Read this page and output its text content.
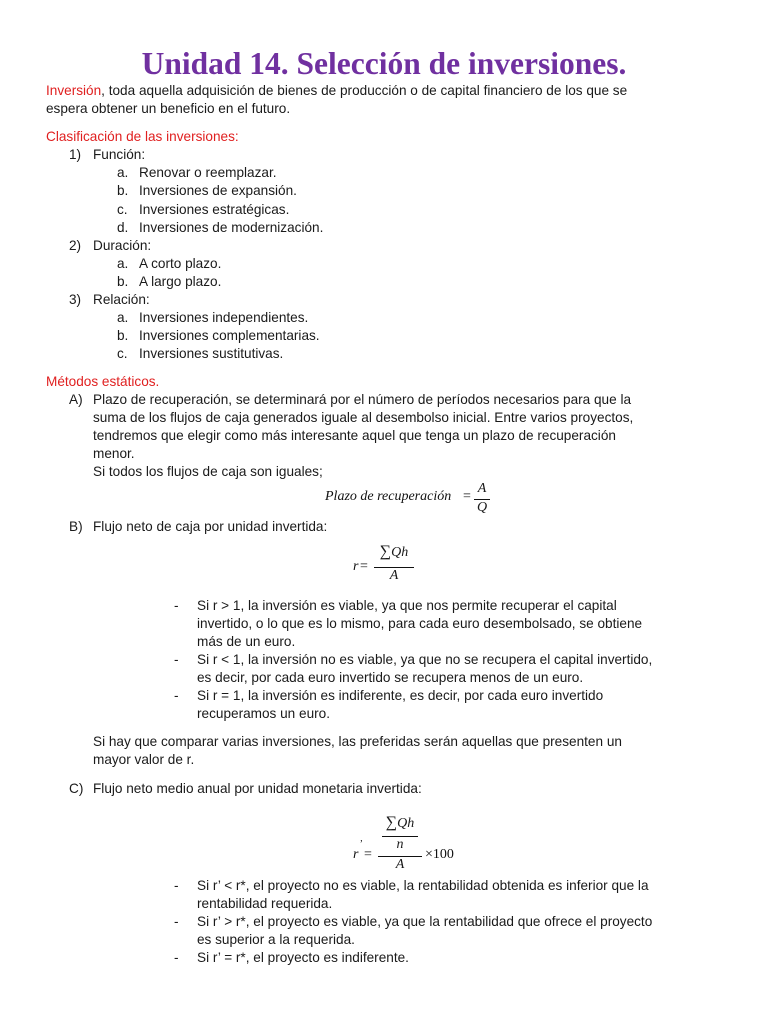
Unidad 14. Selección de inversiones.
Inversión, toda aquella adquisición de bienes de producción o de capital financiero de los que se
espera obtener un beneficio en el futuro.
Clasificación de las inversiones:
1) Función:
a. Renovar o reemplazar.
b. Inversiones de expansión.
c. Inversiones estratégicas.
d. Inversiones de modernización.
2) Duración:
a. A corto plazo.
b. A largo plazo.
3) Relación:
a. Inversiones independientes.
b. Inversiones complementarias.
c. Inversiones sustitutivas.
Métodos estáticos.
A) Plazo de recuperación, se determinará por el número de períodos necesarios para que la
suma de los flujos de caja generados iguale al desembolso inicial. Entre varios proyectos,
tendremos que elegir como más interesante aquel que tenga un plazo de recuperación
menor.
Si todos los flujos de caja son iguales;
Plazo de recuperación =
A
Q
B) Flujo neto de caja por unidad invertida:
r =
∑Qh
A
- Si r > 1, la inversión es viable, ya que nos permite recuperar el capital
invertido, o lo que es lo mismo, para cada euro desembolsado, se obtiene
más de un euro.
- Si r < 1, la inversión no es viable, ya que no se recupera el capital invertido,
es decir, por cada euro invertido se recupera menos de un euro.
- Si r = 1, la inversión es indiferente, es decir, por cada euro invertido
recuperamos un euro.
Si hay que comparar varias inversiones, las preferidas serán aquellas que presenten un
mayor valor de r.
C) Flujo neto medio anual por unidad monetaria invertida:
r
’
=
∑Qh
n
A
×100
- Si r’ < r*, el proyecto no es viable, la rentabilidad obtenida es inferior que la
rentabilidad requerida.
- Si r’ > r*, el proyecto es viable, ya que la rentabilidad que ofrece el proyecto
es superior a la requerida.
- Si r’ = r*, el proyecto es indiferente.
